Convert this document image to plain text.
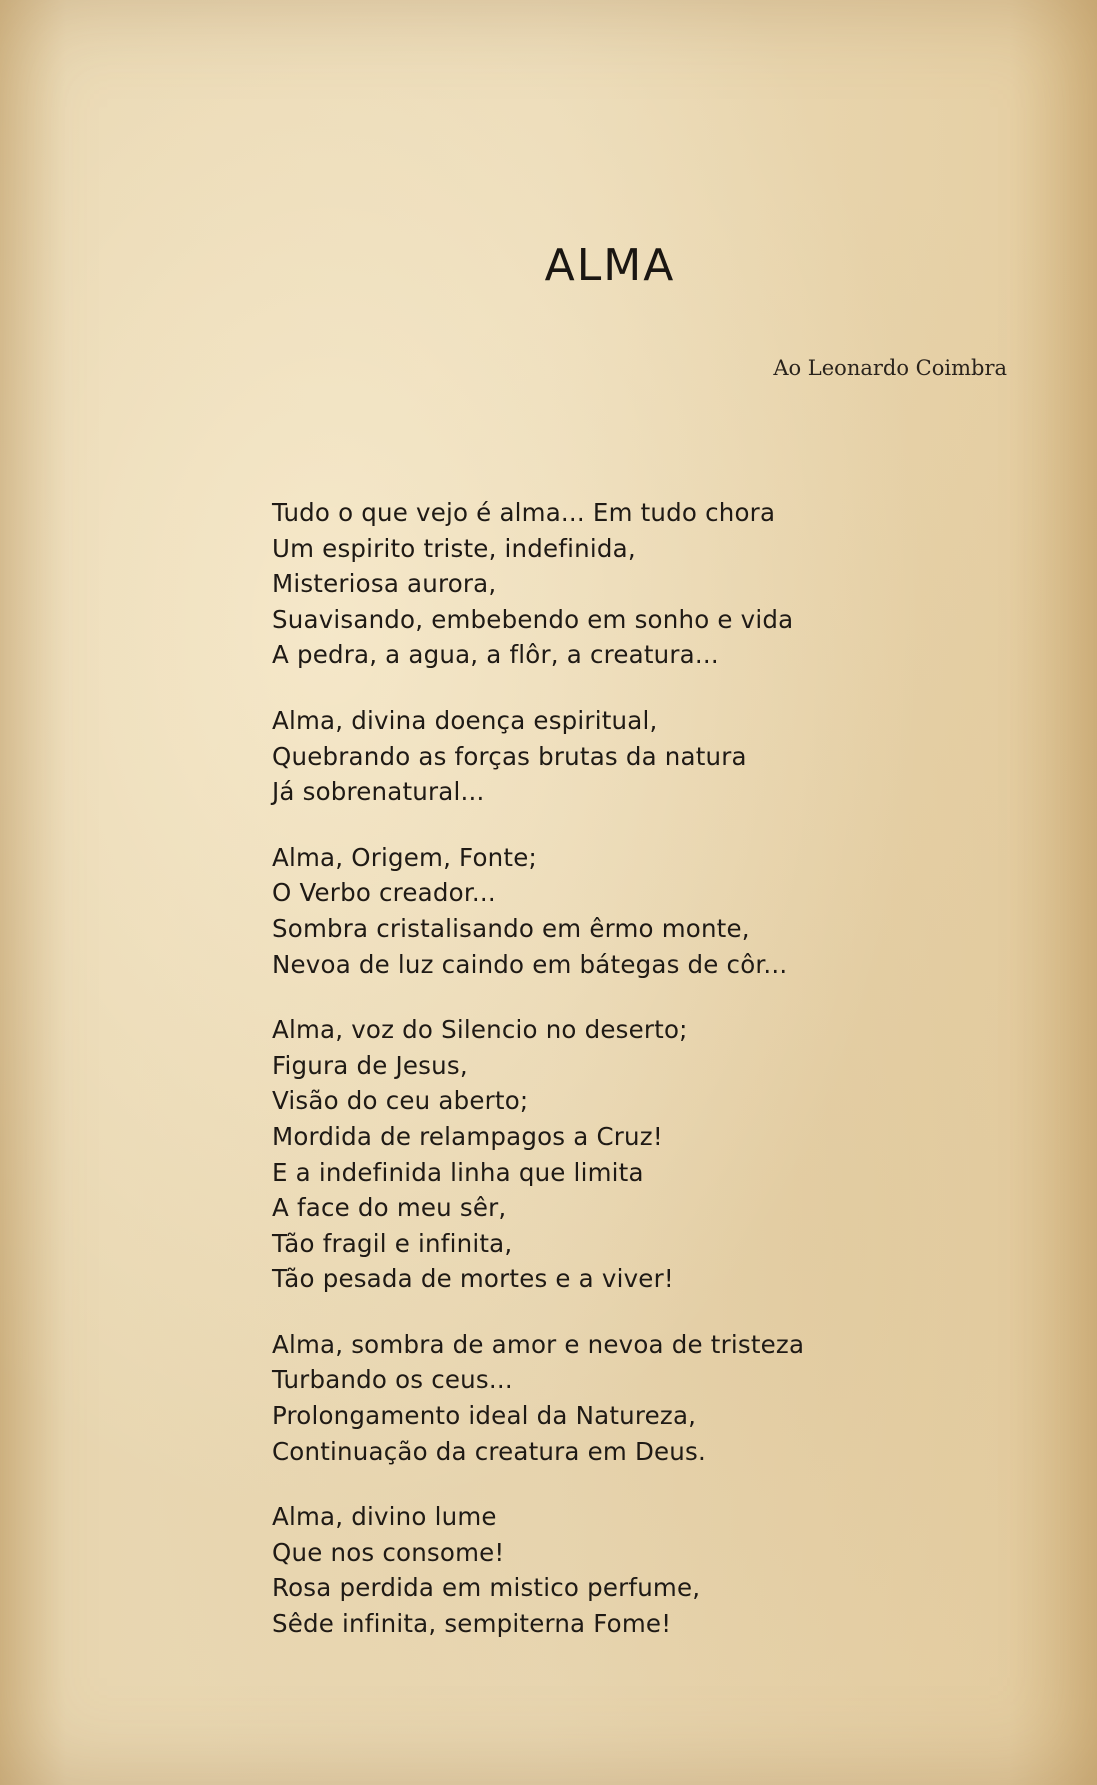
ALMA
Ao Leonardo Coimbra
Tudo o que vejo é alma... Em tudo chora
Um espirito triste, indefinida,
Misteriosa aurora,
Suavisando, embebendo em sonho e vida
A pedra, a agua, a flôr, a creatura...
Alma, divina doença espiritual,
Quebrando as forças brutas da natura
Já sobrenatural...
Alma, Origem, Fonte;
O Verbo creador...
Sombra cristalisando em êrmo monte,
Nevoa de luz caindo em bátegas de côr...
Alma, voz do Silencio no deserto;
Figura de Jesus,
Visão do ceu aberto;
Mordida de relampagos a Cruz!
E a indefinida linha que limita
A face do meu sêr,
Tão fragil e infinita,
Tão pesada de mortes e a viver!
Alma, sombra de amor e nevoa de tristeza
Turbando os ceus...
Prolongamento ideal da Natureza,
Continuação da creatura em Deus.
Alma, divino lume
Que nos consome!
Rosa perdida em mistico perfume,
Sêde infinita, sempiterna Fome!
